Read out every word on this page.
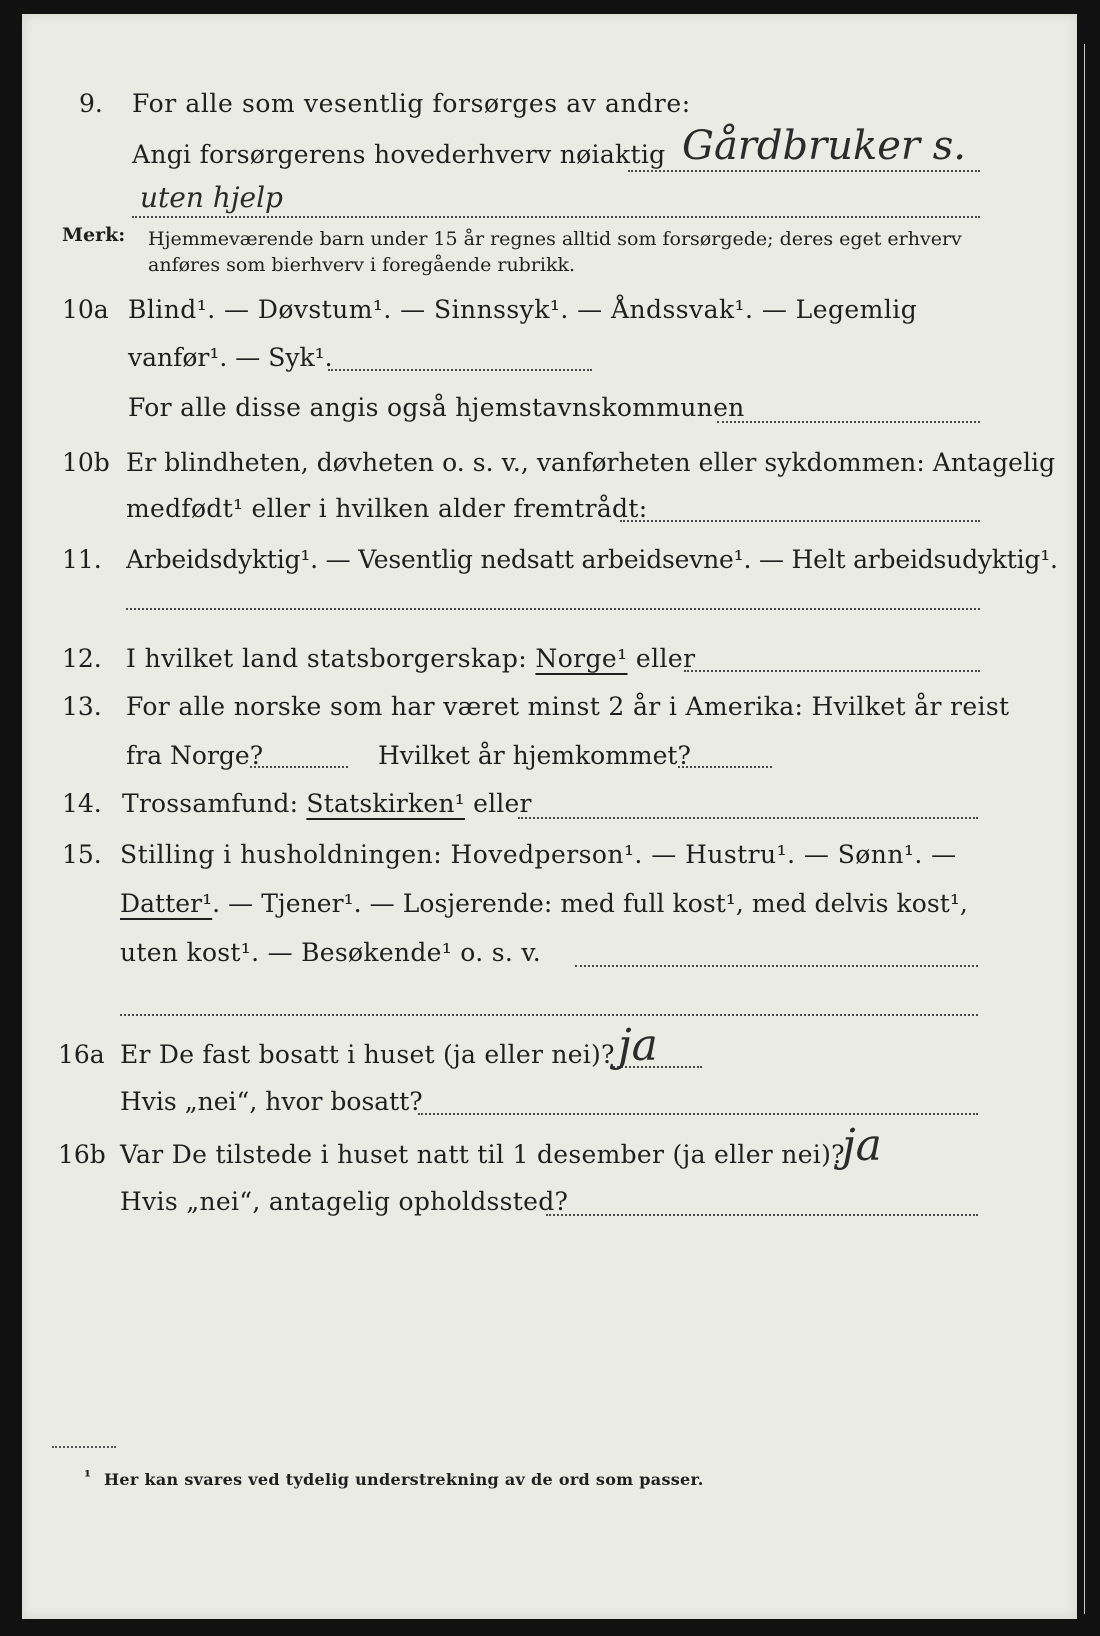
9. For alle som vesentlig forsørges av andre:
Angi forsørgerens hovederhverv nøiaktig Gårdbruker s.
uten hjelp
Merk: Hjemmeværende barn under 15 år regnes alltid som forsørgede; deres eget erhverv
anføres som bierhverv i foregående rubrikk.
10a Blind¹. — Døvstum¹. — Sinnssyk¹. — Åndssvak¹. — Legemlig
vanfør¹. — Syk¹.
For alle disse angis også hjemstavnskommunen
10b Er blindheten, døvheten o. s. v., vanførheten eller sykdommen: Antagelig
medfødt¹ eller i hvilken alder fremtrådt:
11. Arbeidsdyktig¹. — Vesentlig nedsatt arbeidsevne¹. — Helt arbeidsudyktig¹.
12. I hvilket land statsborgerskap: Norge¹ eller
13. For alle norske som har været minst 2 år i Amerika: Hvilket år reist
fra Norge?	Hvilket år hjemkommet?
14. Trossamfund: Statskirken¹ eller
15. Stilling i husholdningen: Hovedperson¹. — Hustru¹. — Sønn¹. —
Datter¹. — Tjener¹. — Losjerende: med full kost¹, med delvis kost¹,
uten kost¹. — Besøkende¹ o. s. v.
16a Er De fast bosatt i huset (ja eller nei)? ja
Hvis „nei“, hvor bosatt?
16b Var De tilstede i huset natt til 1 desember (ja eller nei)?
ja
Hvis „nei“, antagelig opholdssted?
¹ Her kan svares ved tydelig understrekning av de ord som passer.
